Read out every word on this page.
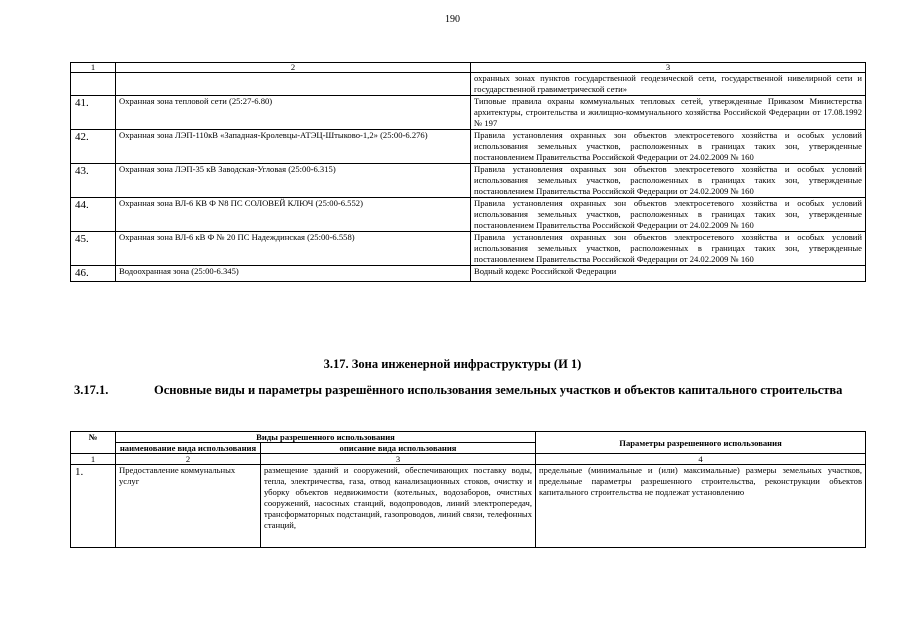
190
1	2	3
		охранных зонах пунктов государственной геодезической сети, государственной нивелирной сети и государственной гравиметрической сети»
41.	Охранная зона тепловой сети (25:27-6.80)	Типовые правила охраны коммунальных тепловых сетей, утвержденные Приказом Министерства архитектуры, строительства и жилищно-коммунального хозяйства Российской Федерации от 17.08.1992 № 197
42.	Охранная зона ЛЭП-110кВ «Западная-Кролевцы-АТЭЦ-Штыково-1,2» (25:00-6.276)	Правила установления охранных зон объектов электросетевого хозяйства и особых условий использования земельных участков, расположенных в границах таких зон, утвержденные постановлением Правительства Российской Федерации от 24.02.2009 № 160
43.	Охранная зона ЛЭП-35 кВ Заводская-Угловая (25:00-6.315)	Правила установления охранных зон объектов электросетевого хозяйства и особых условий использования земельных участков, расположенных в границах таких зон, утвержденные постановлением Правительства Российской Федерации от 24.02.2009 № 160
44.	Охранная зона ВЛ-6 КВ Ф N8 ПС СОЛОВЕЙ КЛЮЧ (25:00-6.552)	Правила установления охранных зон объектов электросетевого хозяйства и особых условий использования земельных участков, расположенных в границах таких зон, утвержденные постановлением Правительства Российской Федерации от 24.02.2009 № 160
45.	Охранная зона ВЛ-6 кВ Ф № 20 ПС Надеждинская (25:00-6.558)	Правила установления охранных зон объектов электросетевого хозяйства и особых условий использования земельных участков, расположенных в границах таких зон, утвержденные постановлением Правительства Российской Федерации от 24.02.2009 № 160
46.	Водоохранная зона (25:00-6.345)	Водный кодекс Российской Федерации
3.17. Зона инженерной инфраструктуры (И 1)
3.17.1.	Основные виды и параметры разрешённого использования земельных участков и объектов капитального строительства
№	Виды разрешенного использования		Параметры разрешенного использования
	наименование вида использования	описание вида использования	
1	2	3	4
1.	Предоставление коммунальных услуг	размещение зданий и сооружений, обеспечивающих поставку воды, тепла, электричества, газа, отвод канализационных стоков, очистку и уборку объектов недвижимости (котельных, водозаборов, очистных сооружений, насосных станций, водопроводов, линий электропередач, трансформаторных подстанций, газопроводов, линий связи, телефонных станций,	предельные (минимальные и (или) максимальные) размеры земельных участков, предельные параметры разрешенного строительства, реконструкции объектов капитального строительства не подлежат установлению
